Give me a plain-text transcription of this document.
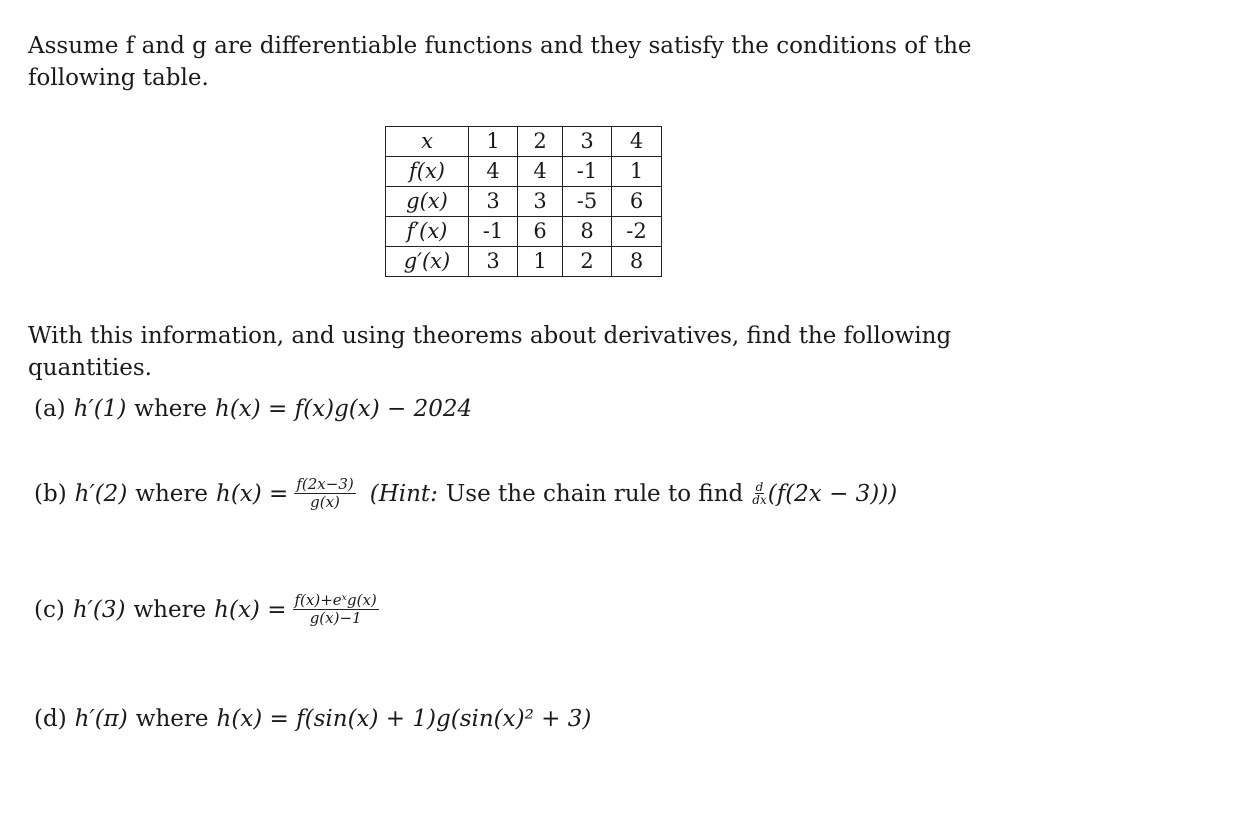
Assume f and g are differentiable functions and they satisfy the conditions of the following table.

x	1	2	3	4
f(x)	4	4	-1	1
g(x)	3	3	-5	6
f′(x)	-1	6	8	-2
g′(x)	3	1	2	8

With this information, and using theorems about derivatives, find the following quantities.

(a) h′(1) where h(x) = f(x)g(x) − 2024
(b) h′(2) where $h(x) = \frac{f(2x-3)}{g(x)}$ (Hint: Use the chain rule to find d
dx (f(2x − 3)))
(c) h′(3) where $h(x) = \frac{\text{f(x)+eˣg(x)}}{g(x)-1}$
(d) h′(π) where h(x) = f(sin(x) + 1)g(sin(x)² + 3)
